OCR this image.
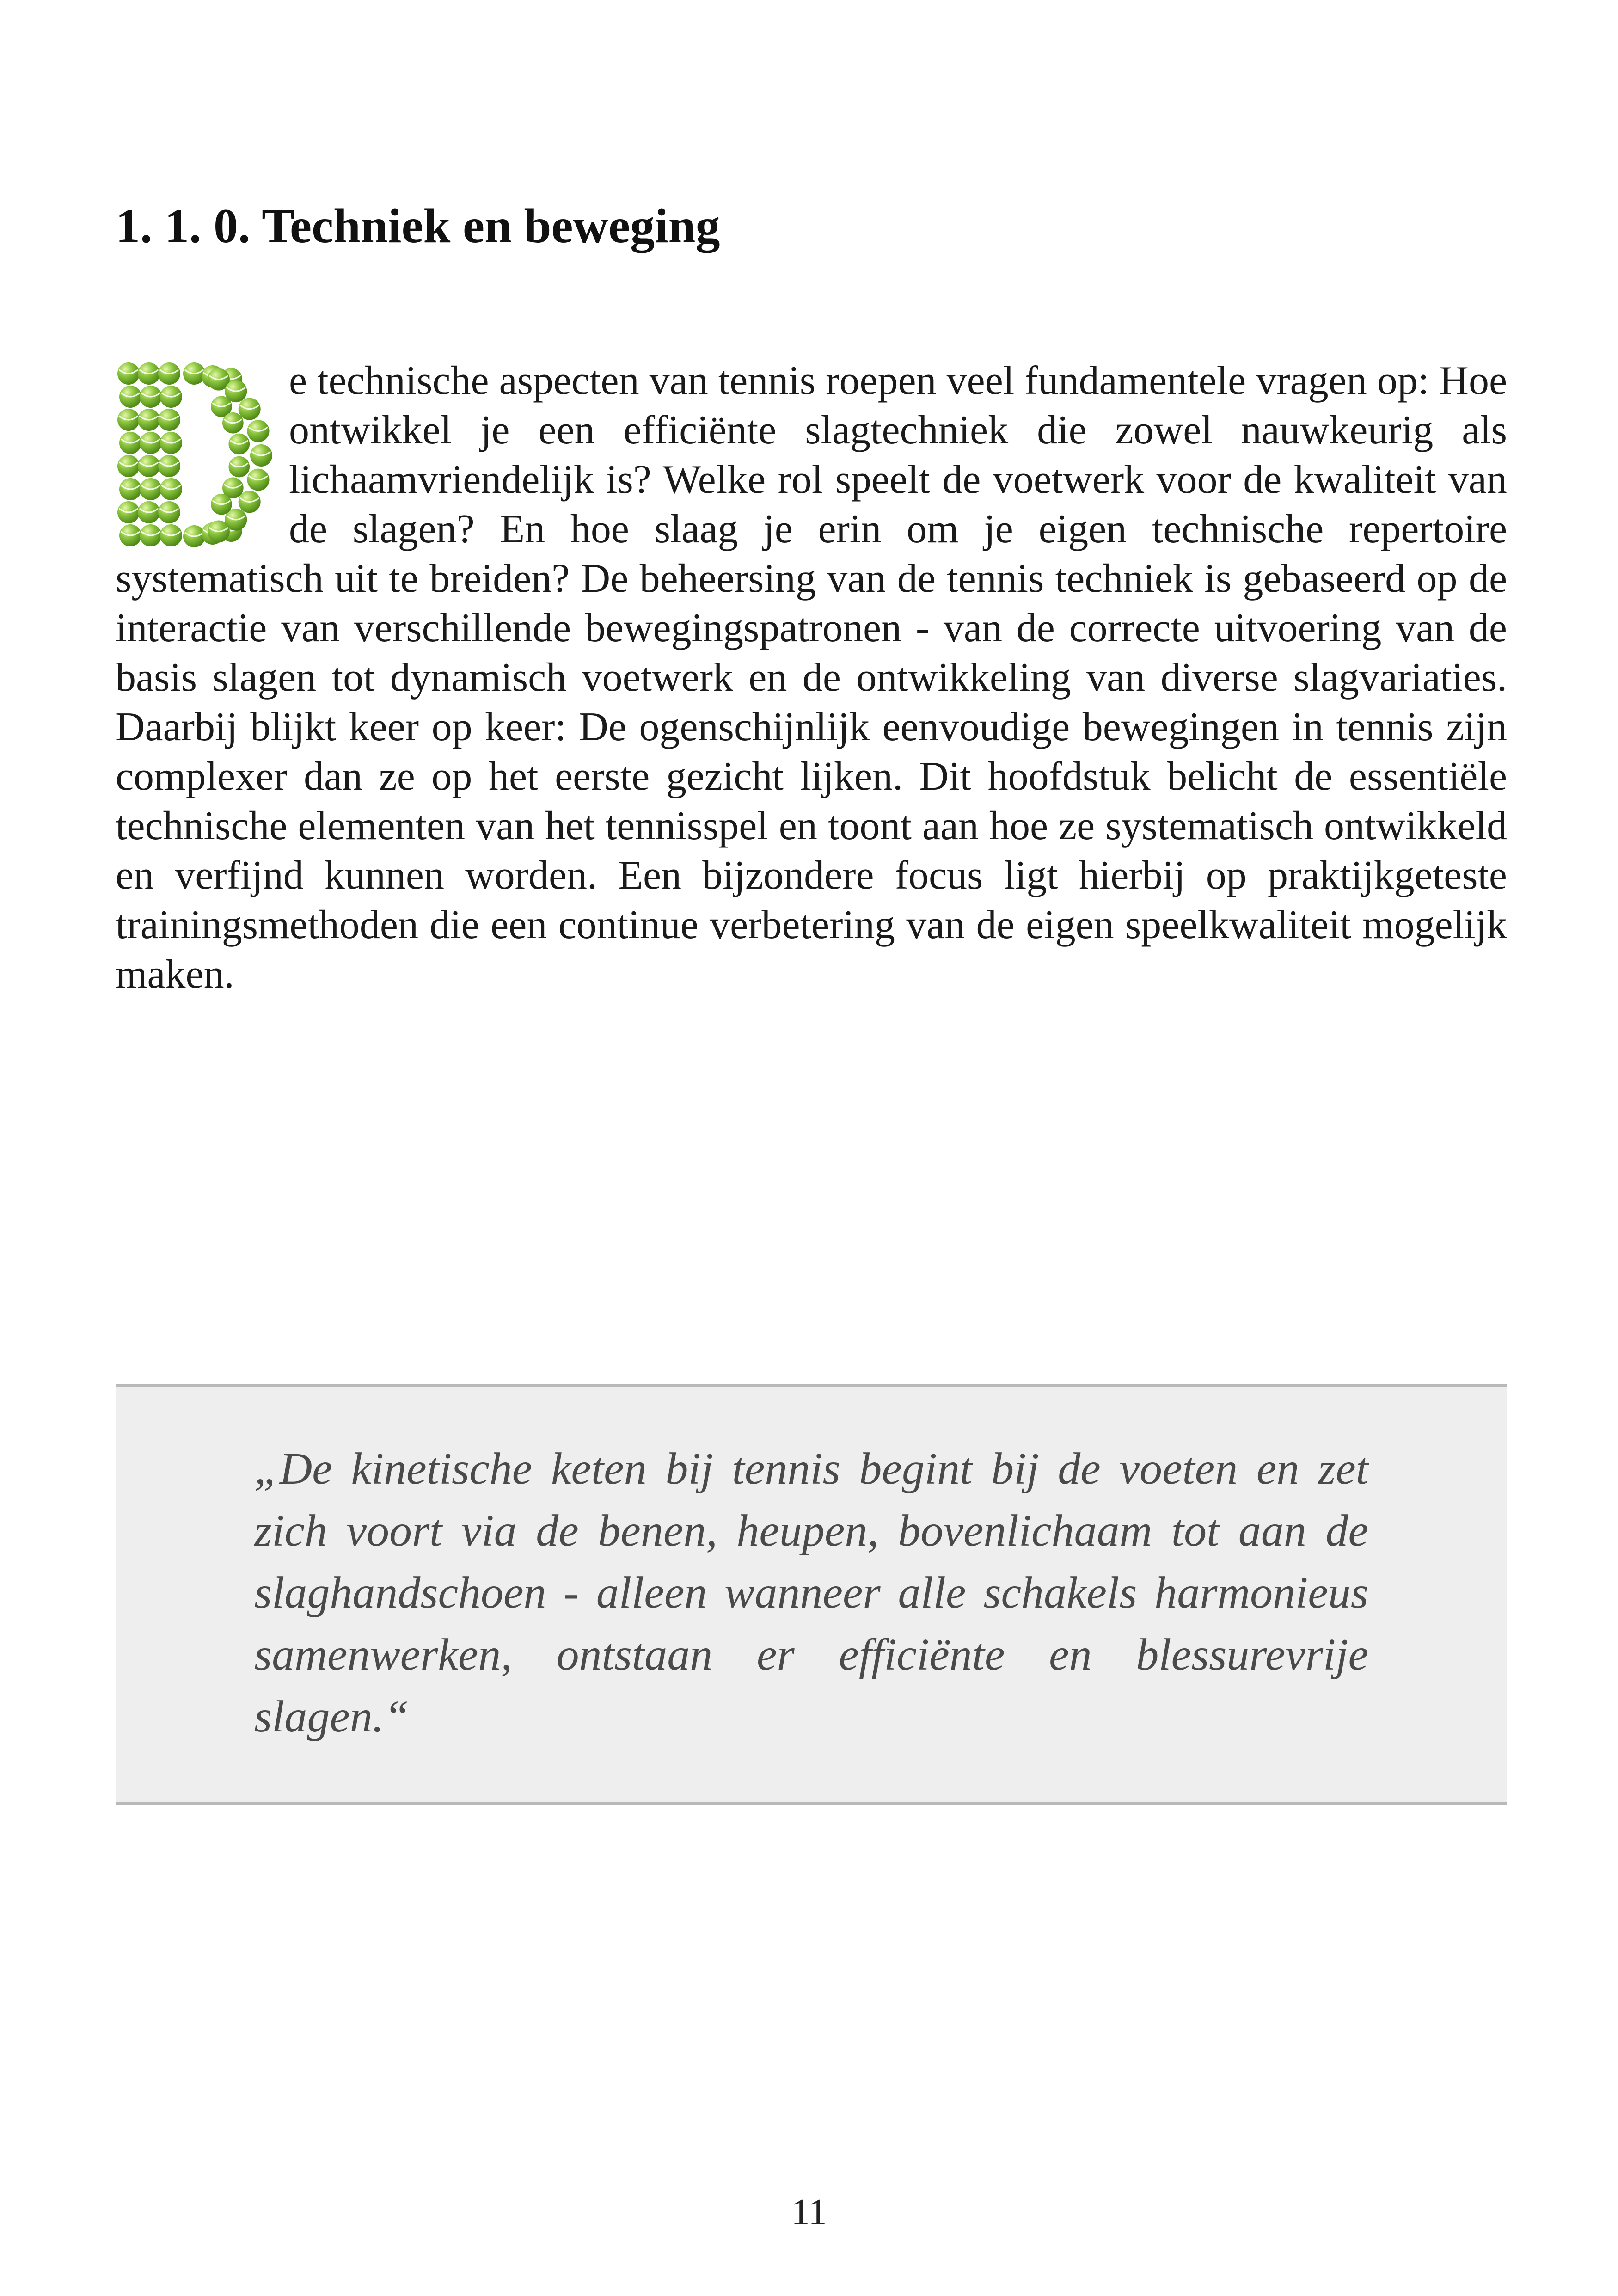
1. 1. 0. Techniek en beweging

e technische aspecten van tennis roepen veel fundamentele vragen op: Hoe ontwikkel je een efficiënte slagtechniek die zowel nauwkeurig als lichaamvriendelijk is? Welke rol speelt de voetwerk voor de kwaliteit van de slagen? En hoe slaag je erin om je eigen technische repertoire systematisch uit te breiden? De beheersing van de tennis techniek is gebaseerd op de interactie van verschillende bewegingspatronen - van de correcte uitvoering van de basis slagen tot dynamisch voetwerk en de ontwikkeling van diverse slagvariaties. Daarbij blijkt keer op keer: De ogenschijnlijk eenvoudige bewegingen in tennis zijn complexer dan ze op het eerste gezicht lijken. Dit hoofdstuk belicht de essentiële technische elementen van het tennisspel en toont aan hoe ze systematisch ontwikkeld en verfijnd kunnen worden. Een bijzondere focus ligt hierbij op praktijkgeteste trainingsmethoden die een continue verbetering van de eigen speelkwaliteit mogelijk maken.

„De kinetische keten bij tennis begint bij de voeten en zet zich voort via de benen, heupen, bovenlichaam tot aan de slaghandschoen - alleen wanneer alle schakels harmonieus samenwerken, ontstaan er efficiënte en blessurevrije slagen.“

11
